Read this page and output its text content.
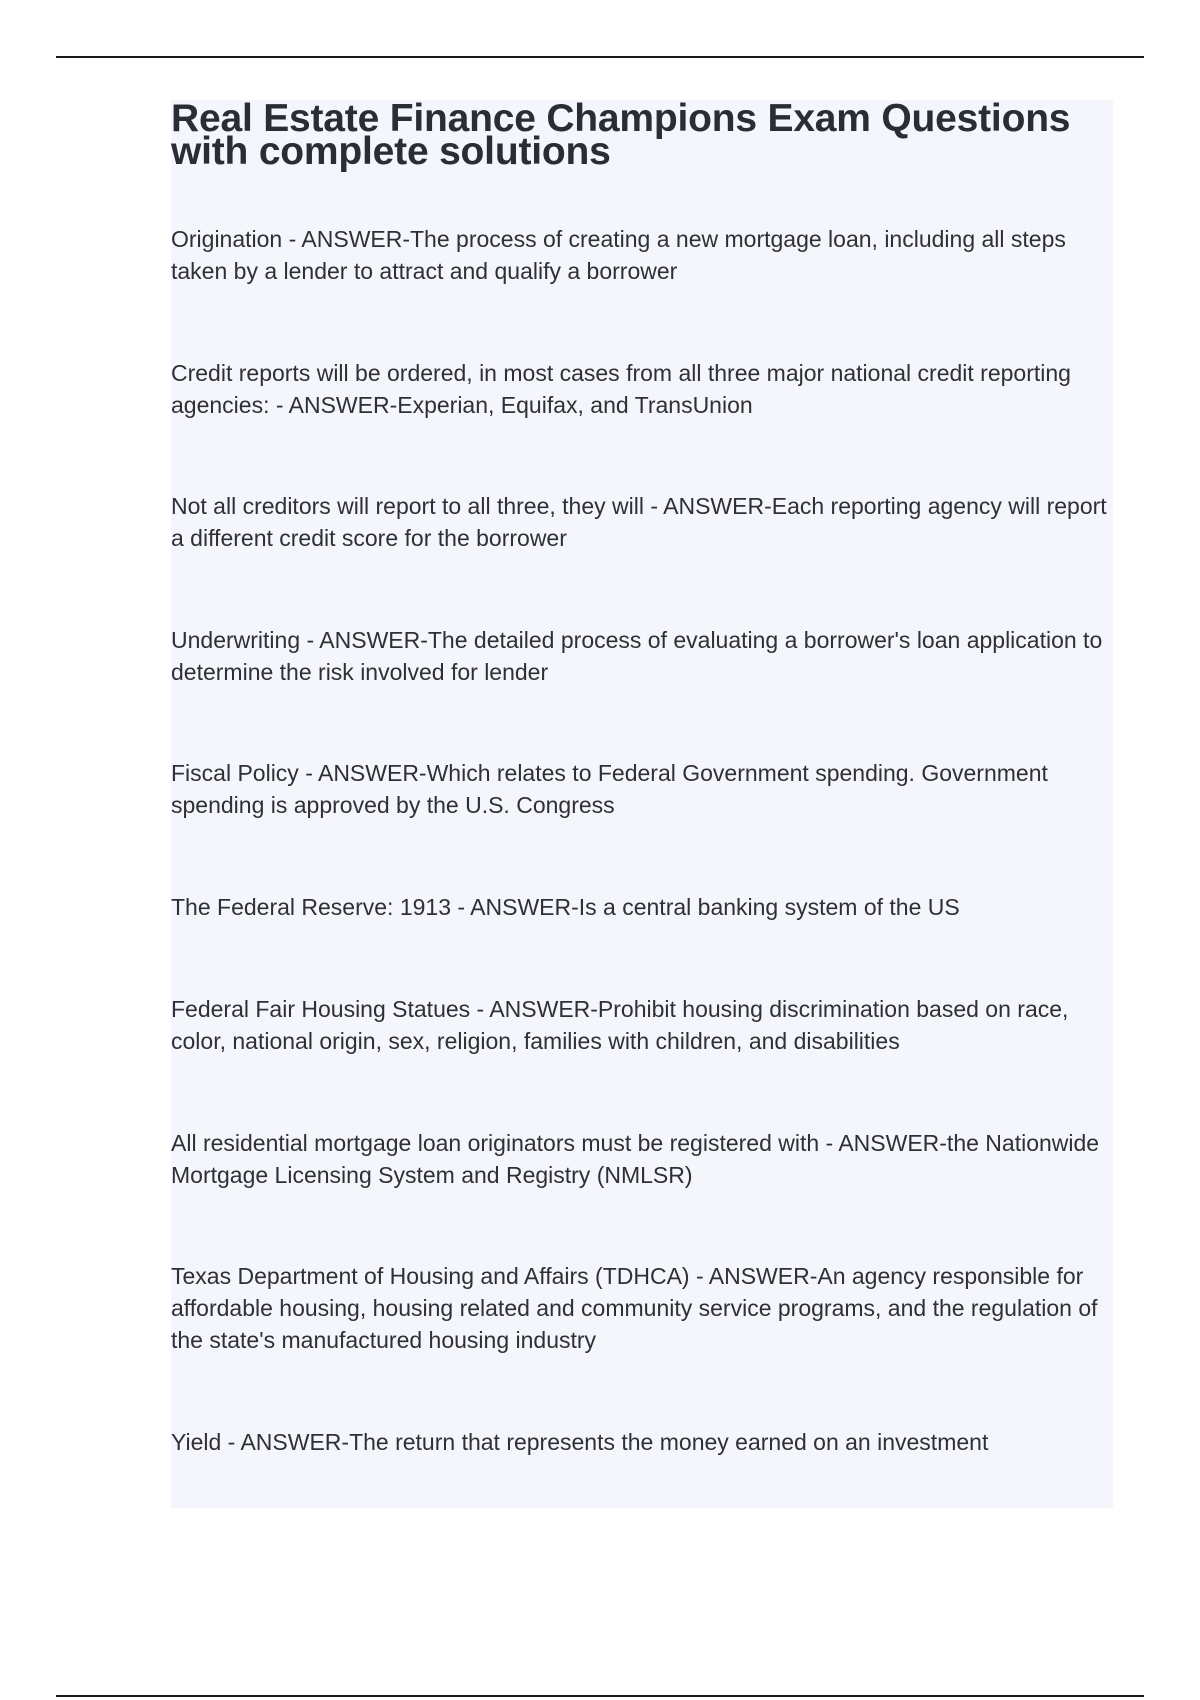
Real Estate Finance Champions Exam Questions with complete solutions

Origination - ANSWER-The process of creating a new mortgage loan, including all steps taken by a lender to attract and qualify a borrower

Credit reports will be ordered, in most cases from all three major national credit reporting agencies: - ANSWER-Experian, Equifax, and TransUnion

Not all creditors will report to all three, they will - ANSWER-Each reporting agency will report a different credit score for the borrower

Underwriting - ANSWER-The detailed process of evaluating a borrower's loan application to determine the risk involved for lender

Fiscal Policy - ANSWER-Which relates to Federal Government spending. Government spending is approved by the U.S. Congress

The Federal Reserve: 1913 - ANSWER-Is a central banking system of the US

Federal Fair Housing Statues - ANSWER-Prohibit housing discrimination based on race, color, national origin, sex, religion, families with children, and disabilities

All residential mortgage loan originators must be registered with - ANSWER-the Nationwide Mortgage Licensing System and Registry (NMLSR)

Texas Department of Housing and Affairs (TDHCA) - ANSWER-An agency responsible for affordable housing, housing related and community service programs, and the regulation of the state's manufactured housing industry

Yield - ANSWER-The return that represents the money earned on an investment
